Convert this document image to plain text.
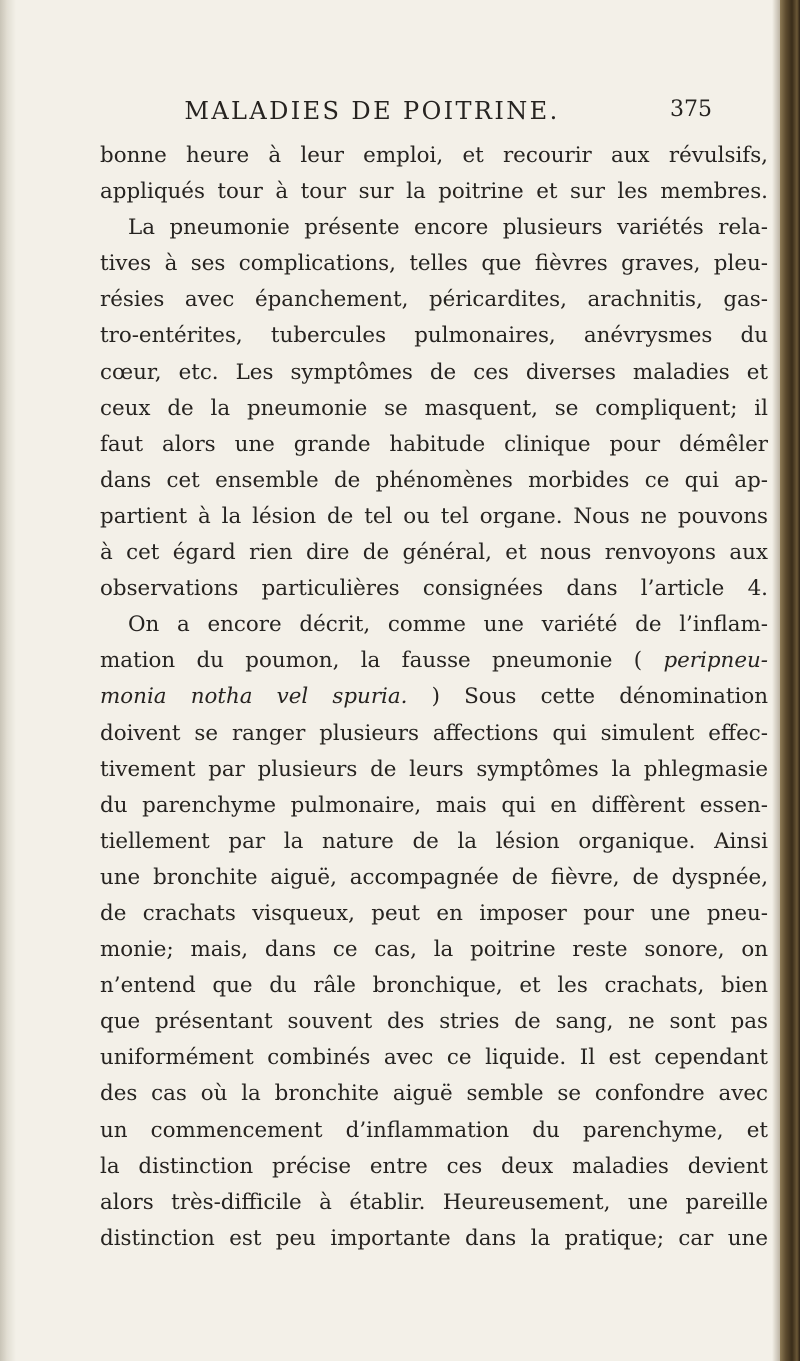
MALADIES DE POITRINE.	375
bonne heure à leur emploi, et recourir aux révulsifs,
appliqués tour à tour sur la poitrine et sur les membres.
La pneumonie présente encore plusieurs variétés rela-
tives à ses complications, telles que fièvres graves, pleu-
résies avec épanchement, péricardites, arachnitis, gas-
tro-entérites, tubercules pulmonaires, anévrysmes du
cœur, etc. Les symptômes de ces diverses maladies et
ceux de la pneumonie se masquent, se compliquent; il
faut alors une grande habitude clinique pour démêler
dans cet ensemble de phénomènes morbides ce qui ap-
partient à la lésion de tel ou tel organe. Nous ne pouvons
à cet égard rien dire de général, et nous renvoyons aux
observations particulières consignées dans l’article 4.
On a encore décrit, comme une variété de l’inflam-
mation du poumon, la fausse pneumonie ( peripneu-
monia notha vel spuria. ) Sous cette dénomination
doivent se ranger plusieurs affections qui simulent effec-
tivement par plusieurs de leurs symptômes la phlegmasie
du parenchyme pulmonaire, mais qui en diffèrent essen-
tiellement par la nature de la lésion organique. Ainsi
une bronchite aiguë, accompagnée de fièvre, de dyspnée,
de crachats visqueux, peut en imposer pour une pneu-
monie; mais, dans ce cas, la poitrine reste sonore, on
n’entend que du râle bronchique, et les crachats, bien
que présentant souvent des stries de sang, ne sont pas
uniformément combinés avec ce liquide. Il est cependant
des cas où la bronchite aiguë semble se confondre avec
un commencement d’inflammation du parenchyme, et
la distinction précise entre ces deux maladies devient
alors très-difficile à établir. Heureusement, une pareille
distinction est peu importante dans la pratique; car une
